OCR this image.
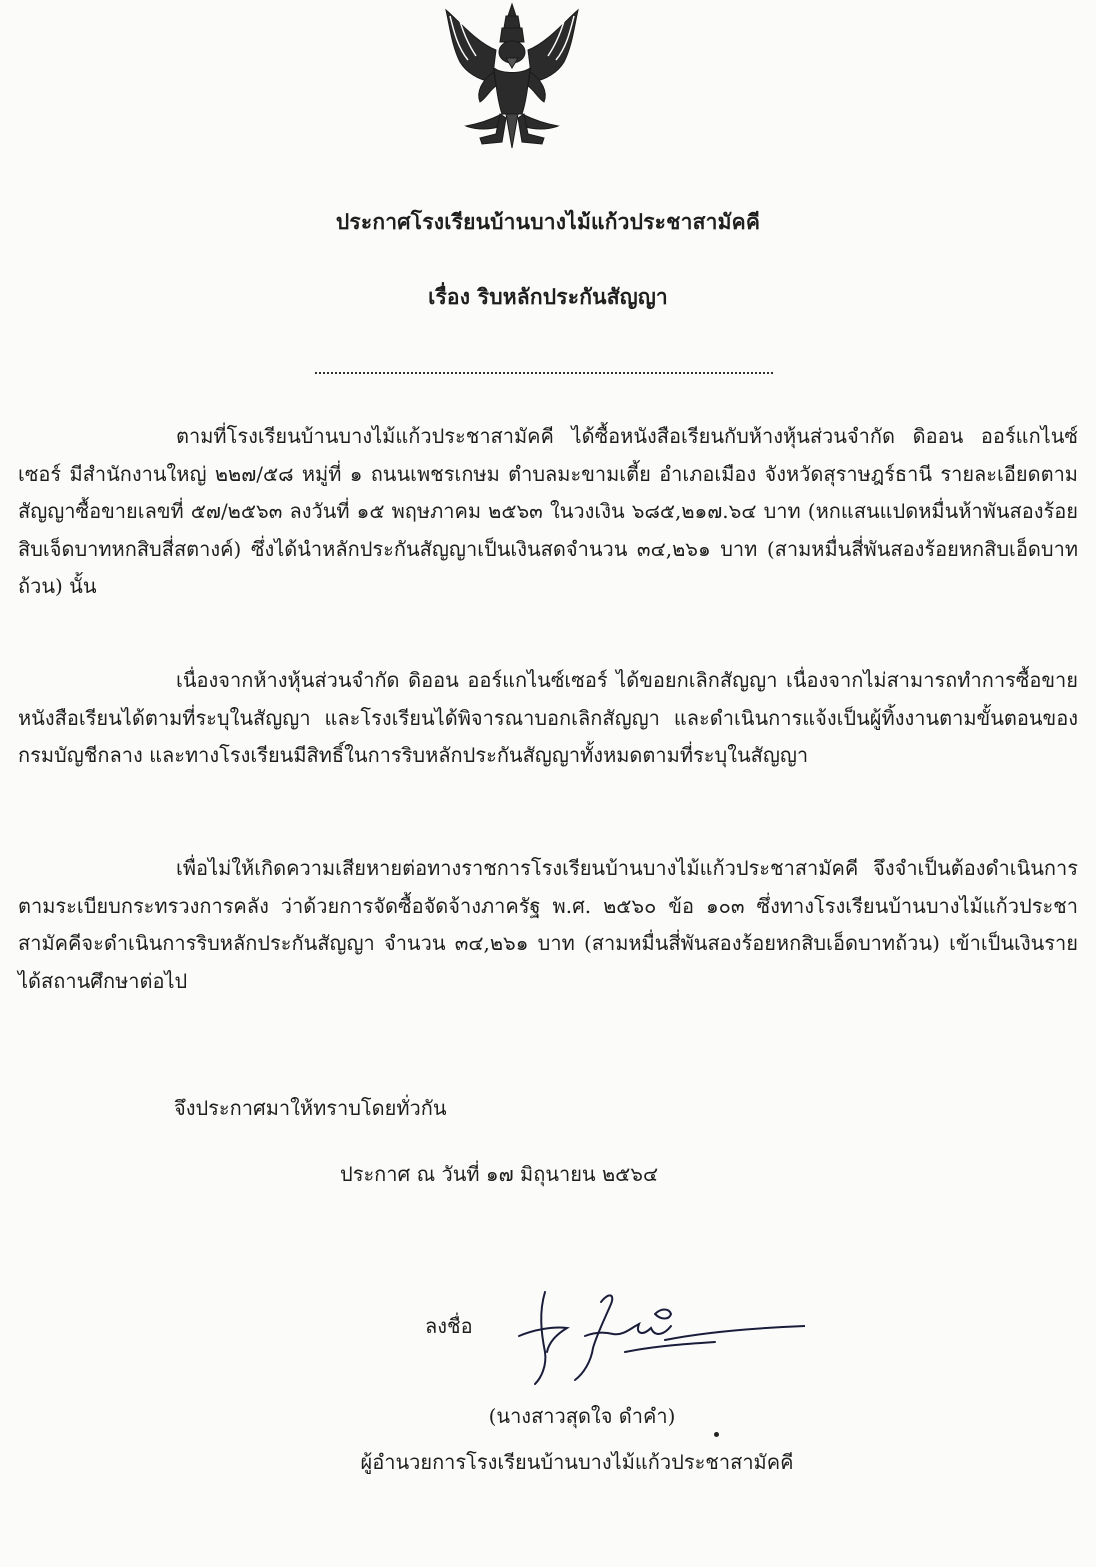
ประกาศโรงเรียนบ้านบางไม้แก้วประชาสามัคคี
เรื่อง ริบหลักประกันสัญญา

ตามที่โรงเรียนบ้านบางไม้แก้วประชาสามัคคี ได้ซื้อหนังสือเรียนกับห้างหุ้นส่วนจำกัด ดิออน ออร์แกไนซ์เซอร์ มีสำนักงานใหญ่ ๒๒๗/๕๘ หมู่ที่ ๑ ถนนเพชรเกษม ตำบลมะขามเตี้ย อำเภอเมือง จังหวัดสุราษฎร์ธานี รายละเอียดตามสัญญาซื้อขายเลขที่ ๕๗/๒๕๖๓ ลงวันที่ ๑๕ พฤษภาคม ๒๕๖๓ ในวงเงิน ๖๘๕,๒๑๗.๖๔ บาท (หกแสนแปดหมื่นห้าพันสองร้อยสิบเจ็ดบาทหกสิบสี่สตางค์) ซึ่งได้นำหลักประกันสัญญาเป็นเงินสดจำนวน ๓๔,๒๖๑ บาท (สามหมื่นสี่พันสองร้อยหกสิบเอ็ดบาทถ้วน) นั้น

เนื่องจากห้างหุ้นส่วนจำกัด ดิออน ออร์แกไนซ์เซอร์ ได้ขอยกเลิกสัญญา เนื่องจากไม่สามารถทำการซื้อขายหนังสือเรียนได้ตามที่ระบุในสัญญา และโรงเรียนได้พิจารณาบอกเลิกสัญญา และดำเนินการแจ้งเป็นผู้ทิ้งงานตามขั้นตอนของกรมบัญชีกลาง และทางโรงเรียนมีสิทธิ์ในการริบหลักประกันสัญญาทั้งหมดตามที่ระบุในสัญญา

เพื่อไม่ให้เกิดความเสียหายต่อทางราชการโรงเรียนบ้านบางไม้แก้วประชาสามัคคี จึงจำเป็นต้องดำเนินการตามระเบียบกระทรวงการคลัง ว่าด้วยการจัดซื้อจัดจ้างภาครัฐ พ.ศ. ๒๕๖๐ ข้อ ๑๐๓ ซึ่งทางโรงเรียนบ้านบางไม้แก้วประชาสามัคคีจะดำเนินการริบหลักประกันสัญญา จำนวน ๓๔,๒๖๑ บาท (สามหมื่นสี่พันสองร้อยหกสิบเอ็ดบาทถ้วน) เข้าเป็นเงินรายได้สถานศึกษาต่อไป

จึงประกาศมาให้ทราบโดยทั่วกัน
ประกาศ ณ วันที่ ๑๗ มิถุนายน ๒๕๖๔
ลงชื่อ
(นางสาวสุดใจ ดำคำ)
ผู้อำนวยการโรงเรียนบ้านบางไม้แก้วประชาสามัคคี
